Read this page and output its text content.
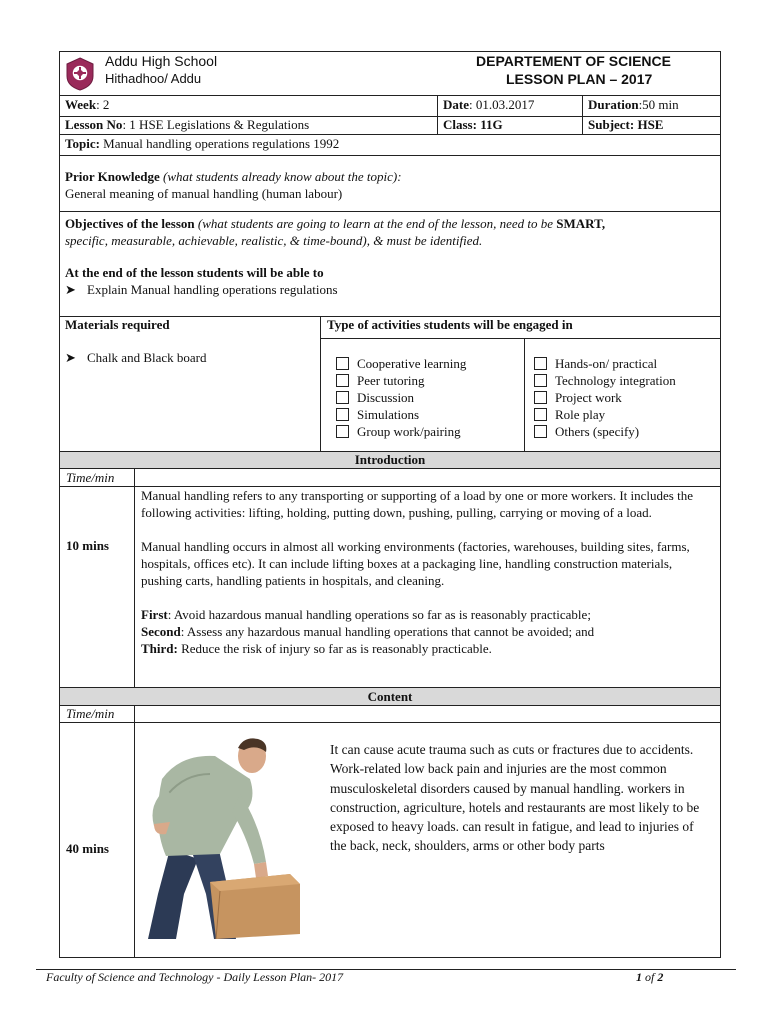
Addu High School
Hithadhoo/ Addu
DEPARTEMENT OF SCIENCE
LESSON PLAN – 2017
Week: 2	Date: 01.03.2017	Duration:50 min
Lesson No: 1 HSE Legislations & Regulations	Class: 11G	Subject: HSE
Topic: Manual handling operations regulations 1992
Prior Knowledge (what students already know about the topic):
General meaning of manual handling (human labour)
Objectives of the lesson (what students are going to learn at the end of the lesson, need to be SMART,
specific, measurable, achievable, realistic, & time-bound), & must be identified.
At the end of the lesson students will be able to
➤ Explain Manual handling operations regulations
Materials required
➤ Chalk and Black board
Type of activities students will be engaged in
Cooperative learning
Peer tutoring
Discussion
Simulations
Group work/pairing
Hands-on/ practical
Technology integration
Project work
Role play
Others (specify)
Introduction
Time/min
10 mins

Manual handling refers to any transporting or supporting of a load by one or more workers. It includes the following activities: lifting, holding, putting down, pushing, pulling, carrying or moving of a load.

Manual handling occurs in almost all working environments (factories, warehouses, building sites, farms, hospitals, offices etc). It can include lifting boxes at a packaging line, handling construction materials, pushing carts, handling patients in hospitals, and cleaning.

First: Avoid hazardous manual handling operations so far as is reasonably practicable;
Second: Assess any hazardous manual handling operations that cannot be avoided; and
Third: Reduce the risk of injury so far as is reasonably practicable.
Content
Time/min
40 mins
It can cause acute trauma such as cuts or fractures due to accidents. Work-related low back pain and injuries are the most common musculoskeletal disorders caused by manual handling. workers in construction, agriculture, hotels and restaurants are most likely to be exposed to heavy loads. can result in fatigue, and lead to injuries of the back, neck, shoulders, arms or other body parts
Faculty of Science and Technology - Daily Lesson Plan- 2017	1 of 2
